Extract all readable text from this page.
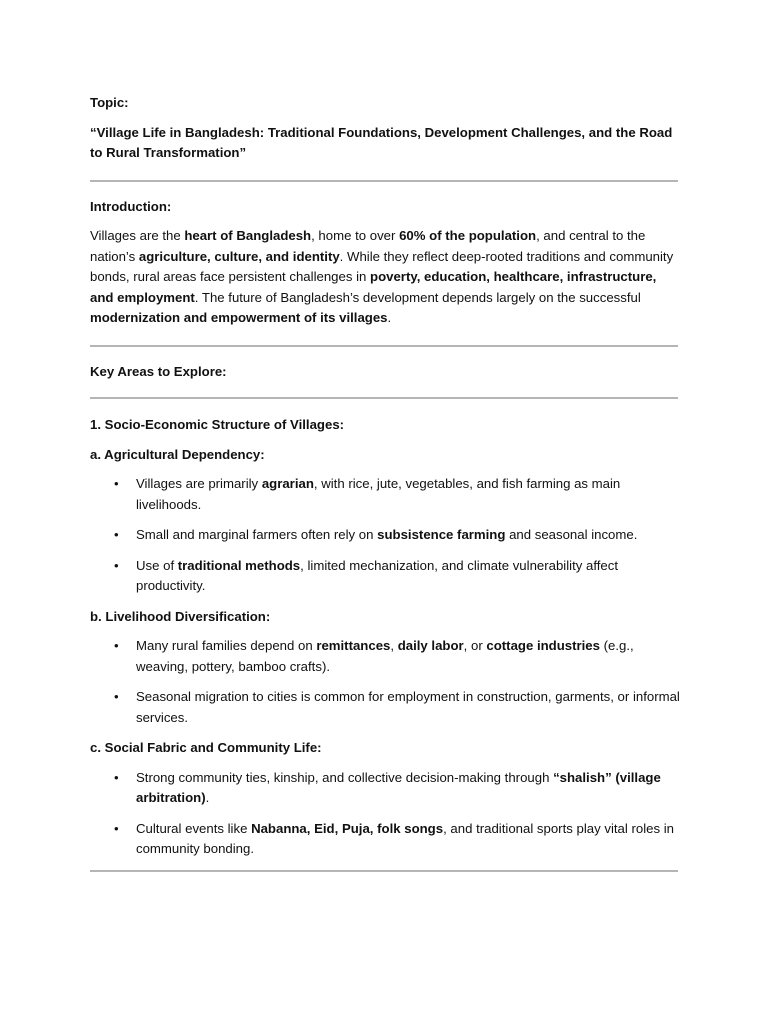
Topic:

“Village Life in Bangladesh: Traditional Foundations, Development Challenges, and the Road to Rural Transformation”

Introduction:

Villages are the heart of Bangladesh, home to over 60% of the population, and central to the nation’s agriculture, culture, and identity. While they reflect deep-rooted traditions and community bonds, rural areas face persistent challenges in poverty, education, healthcare, infrastructure, and employment. The future of Bangladesh’s development depends largely on the successful modernization and empowerment of its villages.

Key Areas to Explore:

1. Socio-Economic Structure of Villages:

a. Agricultural Dependency:

• Villages are primarily agrarian, with rice, jute, vegetables, and fish farming as main livelihoods.
• Small and marginal farmers often rely on subsistence farming and seasonal income.
• Use of traditional methods, limited mechanization, and climate vulnerability affect productivity.

b. Livelihood Diversification:

• Many rural families depend on remittances, daily labor, or cottage industries (e.g., weaving, pottery, bamboo crafts).
• Seasonal migration to cities is common for employment in construction, garments, or informal services.

c. Social Fabric and Community Life:

• Strong community ties, kinship, and collective decision-making through “shalish” (village arbitration).
• Cultural events like Nabanna, Eid, Puja, folk songs, and traditional sports play vital roles in community bonding.
